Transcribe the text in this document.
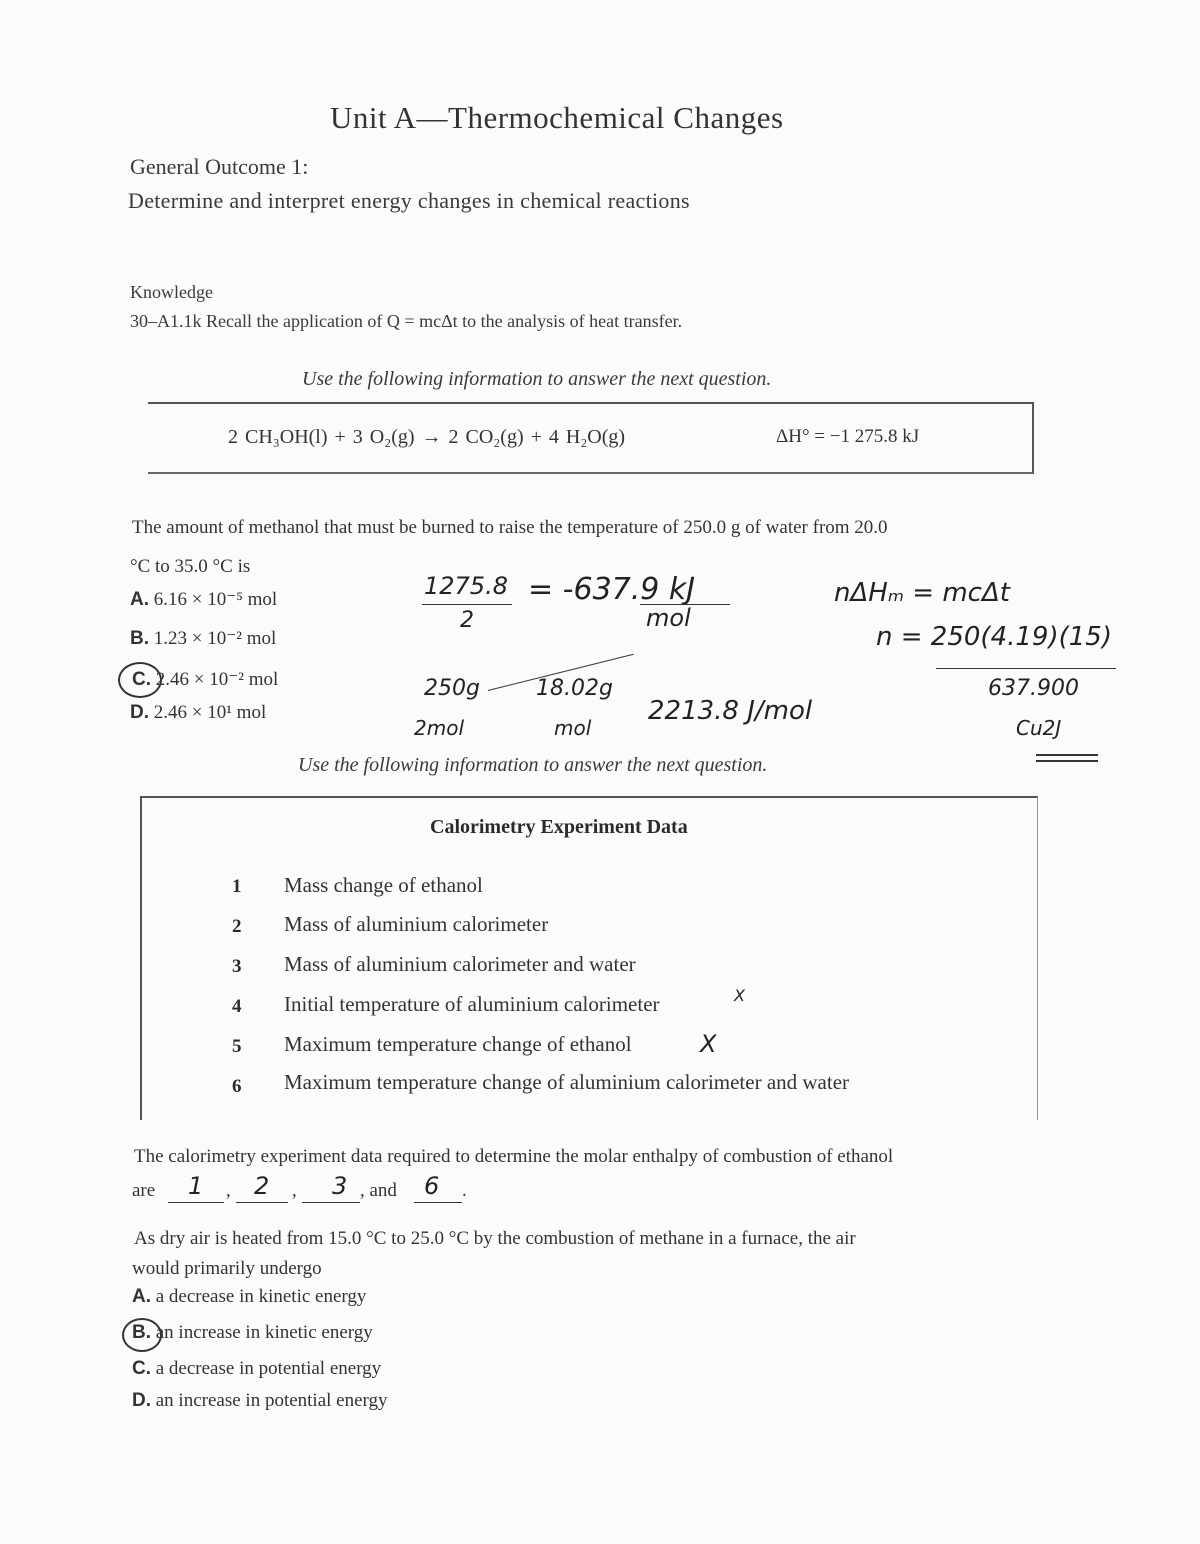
Unit A—Thermochemical Changes
General Outcome 1:
Determine and interpret energy changes in chemical reactions
Knowledge
30–A1.1k Recall the application of Q = mcΔt to the analysis of heat transfer.
Use the following information to answer the next question.
2 CH₃OH(l) + 3 O₂(g) → 2 CO₂(g) + 4 H₂O(g)	ΔH° = −1 275.8 kJ
The amount of methanol that must be burned to raise the temperature of 250.0 g of water from 20.0
°C to 35.0 °C is
A. 6.16 × 10⁻⁵ mol
B. 1.23 × 10⁻² mol
C. 2.46 × 10⁻² mol
D. 2.46 × 10¹ mol
1275.8
2
= -637.9 kJ
mol
nΔHₘ = mcΔt
n = 250(4.19)(15)
637.900
Cu2J
250g
2mol
18.02g
mol
2213.8 J/mol
Use the following information to answer the next question.
Calorimetry Experiment Data
1 Mass change of ethanol
2 Mass of aluminium calorimeter
3 Mass of aluminium calorimeter and water
4 Initial temperature of aluminium calorimeter	X
5 Maximum temperature change of ethanol	X
6 Maximum temperature change of aluminium calorimeter and water
The calorimetry experiment data required to determine the molar enthalpy of combustion of ethanol
are 1 , 2 , 3 , and 6 .
As dry air is heated from 15.0 °C to 25.0 °C by the combustion of methane in a furnace, the air
would primarily undergo
A. a decrease in kinetic energy
B. an increase in kinetic energy
C. a decrease in potential energy
D. an increase in potential energy
